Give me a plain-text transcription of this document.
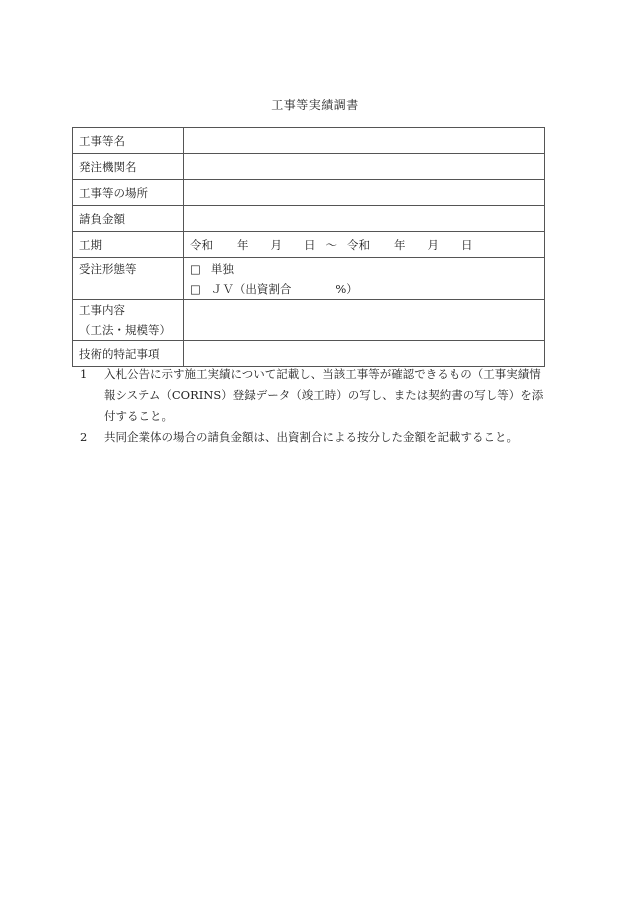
工事等実績調書
工事等名	
発注機関名	
工事等の場所	
請負金額	
工期	令和 年 月 日 ～ 令和 年 月 日
受注形態等	□ 単独
□ ＪＶ（出資割合 %）

工事内容
（工法・規模等）	

技術的特記事項	
1	入札公告に示す施工実績について記載し、当該工事等が確認できるもの（工事実績情報システム（CORINS）登録データ（竣工時）の写し、または契約書の写し等）を添付すること。
2	共同企業体の場合の請負金額は、出資割合による按分した金額を記載すること。
